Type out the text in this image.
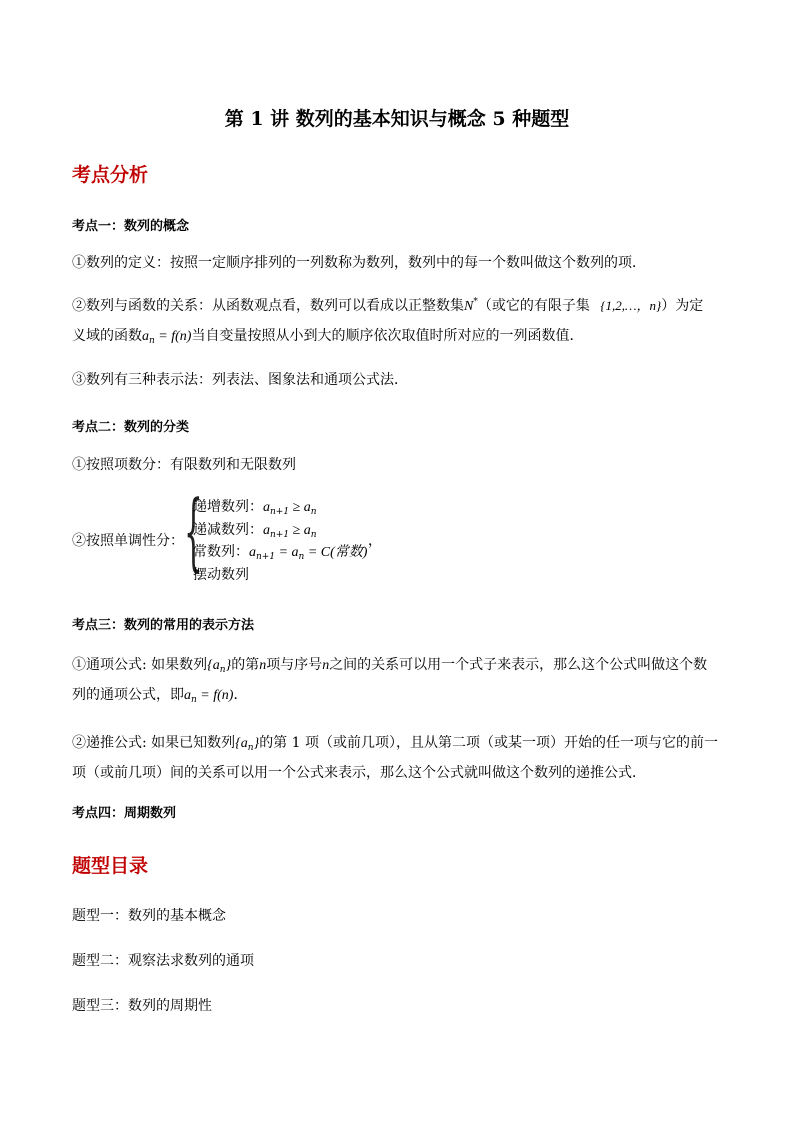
第 1 讲 数列的基本知识与概念 5 种题型
考点分析
考点一：数列的概念
①数列的定义：按照一定顺序排列的一列数称为数列，数列中的每一个数叫做这个数列的项．
②数列与函数的关系：从函数观点看，数列可以看成以正整数集N*（或它的有限子集 {1,2,…，n}）为定
义域的函数$a_n = f(n)$当自变量按照从小到大的顺序依次取值时所对应的一列函数值．
③数列有三种表示法：列表法、图象法和通项公式法．
考点二：数列的分类
①按照项数分：有限数列和无限数列
②按照单调性分： {
递增数列：$a_{n+1} \ge a_n$
递减数列：$a_{n+1} \ge a_n$
常数列：$a_{n+1} = a_n = C$(常数)
，
摆动数列
考点三：数列的常用的表示方法
①通项公式: 如果数列$\{a_n\}$的第n项与序号n之间的关系可以用一个式子来表示，那么这个公式叫做这个数
列的通项公式，即$a_n = f(n)$．
②递推公式: 如果已知数列$\{a_n\}$的第 1 项（或前几项），且从第二项（或某一项）开始的任一项与它的前一
项（或前几项）间的关系可以用一个公式来表示，那么这个公式就叫做这个数列的递推公式．
考点四：周期数列
题型目录
题型一：数列的基本概念
题型二：观察法求数列的通项
题型三：数列的周期性
